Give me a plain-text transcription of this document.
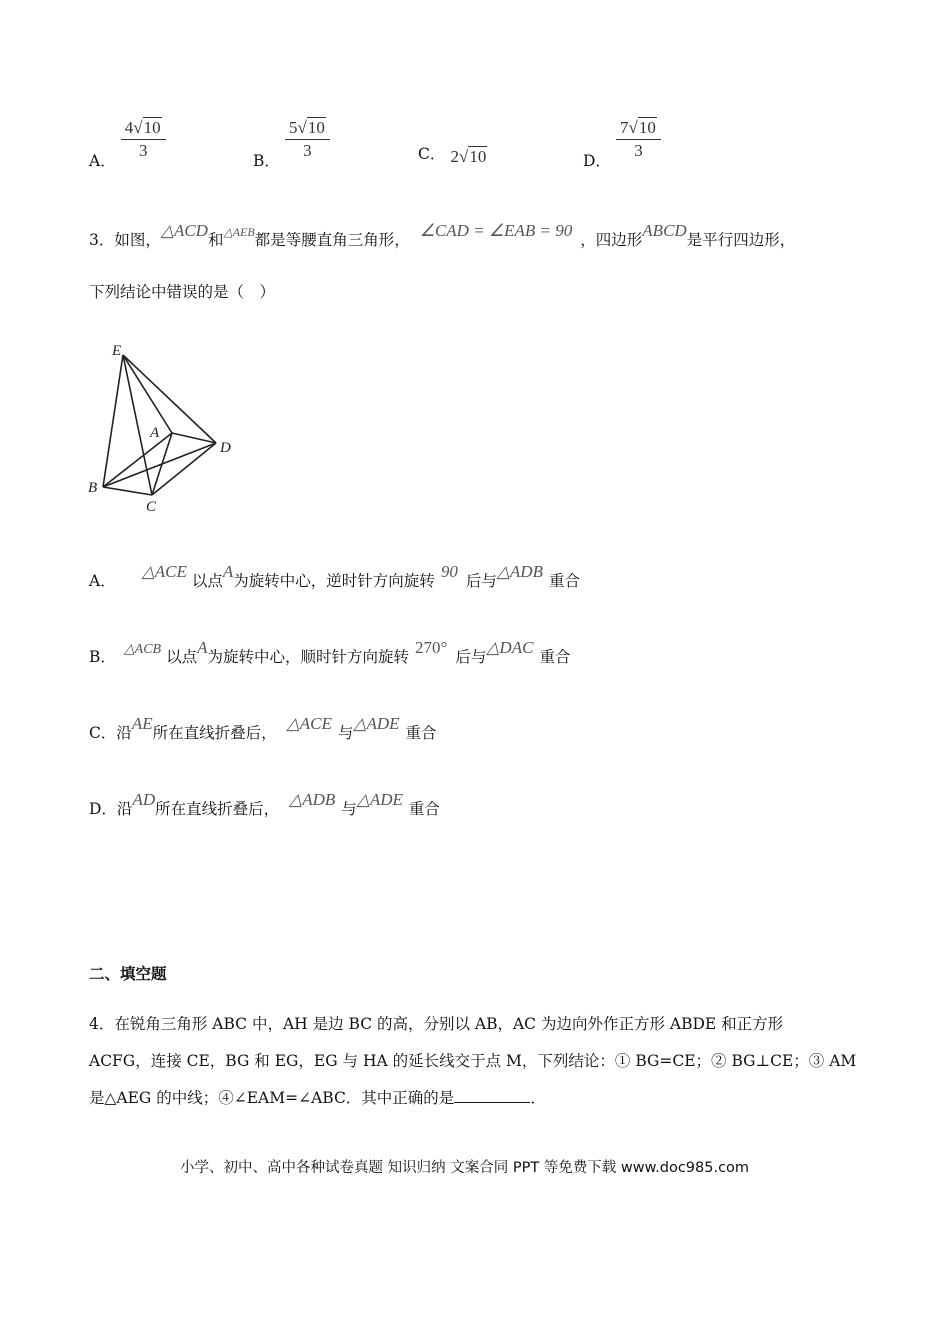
A． $\frac{4√10}{3}$	B． $\frac{5√10}{3}$	C． 2√10	D． $\frac{7√10}{3}$
3．如图，△ACD和$^{\triangle AEB}$都是等腰直角三角形， ∠CAD = ∠EAB = 90 ，四边形ABCD是平行四边形，
下列结论中错误的是（　）
E
A
D
B
C
A． △ACE 以点A为旋转中心，逆时针方向旋转 90 后与△ADB 重合
B． △ACB 以点A为旋转中心，顺时针方向旋转 270° 后与△DAC 重合
C．沿AE所在直线折叠后， △ACE 与△ADE 重合
D．沿AD所在直线折叠后， △ADB 与△ADE 重合
二、填空题
4．在锐角三角形 ABC 中，AH 是边 BC 的高，分别以 AB，AC 为边向外作正方形 ABDE 和正方形
ACFG，连接 CE，BG 和 EG，EG 与 HA 的延长线交于点 M，下列结论：① BG=CE；② BG⊥CE；③ AM
是△AEG 的中线；④∠EAM=∠ABC．其中正确的是	．
小学、初中、高中各种试卷真题 知识归纳 文案合同 PPT 等免费下载 www.doc985.com
